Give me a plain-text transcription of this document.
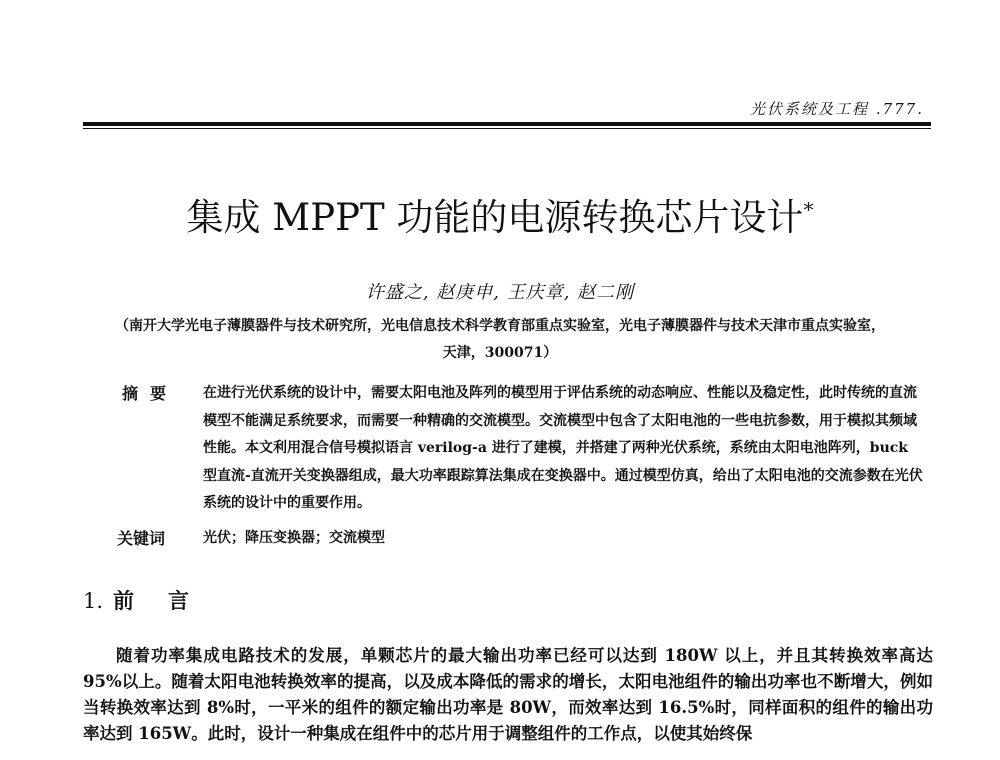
光伏系统及工程 .777.
集成 MPPT 功能的电源转换芯片设计*
许盛之, 赵庚申, 王庆章, 赵二刚
（南开大学光电子薄膜器件与技术研究所，光电信息技术科学教育部重点实验室，光电子薄膜器件与技术天津市重点实验室，
天津，300071）
摘要 在进行光伏系统的设计中，需要太阳电池及阵列的模型用于评估系统的动态响应、性能以及稳定性，此时传统的直流模型不能满足系统要求，而需要一种精确的交流模型。交流模型中包含了太阳电池的一些电抗参数，用于模拟其频域性能。本文利用混合信号模拟语言 verilog-a 进行了建模，并搭建了两种光伏系统，系统由太阳电池阵列，buck 型直流-直流开关变换器组成，最大功率跟踪算法集成在变换器中。通过模型仿真，给出了太阳电池的交流参数在光伏系统的设计中的重要作用。
关键词	光伏；降压变换器；交流模型
1. 前 言
随着功率集成电路技术的发展，单颗芯片的最大输出功率已经可以达到 180W 以上，并且其转换效率高达 95%以上。随着太阳电池转换效率的提高，以及成本降低的需求的增长，太阳电池组件的输出功率也不断增大，例如当转换效率达到 8%时，一平米的组件的额定输出功率是 80W，而效率达到 16.5%时，同样面积的组件的输出功率达到 165W。此时，设计一种集成在组件中的芯片用于调整组件的工作点，以使其始终保
